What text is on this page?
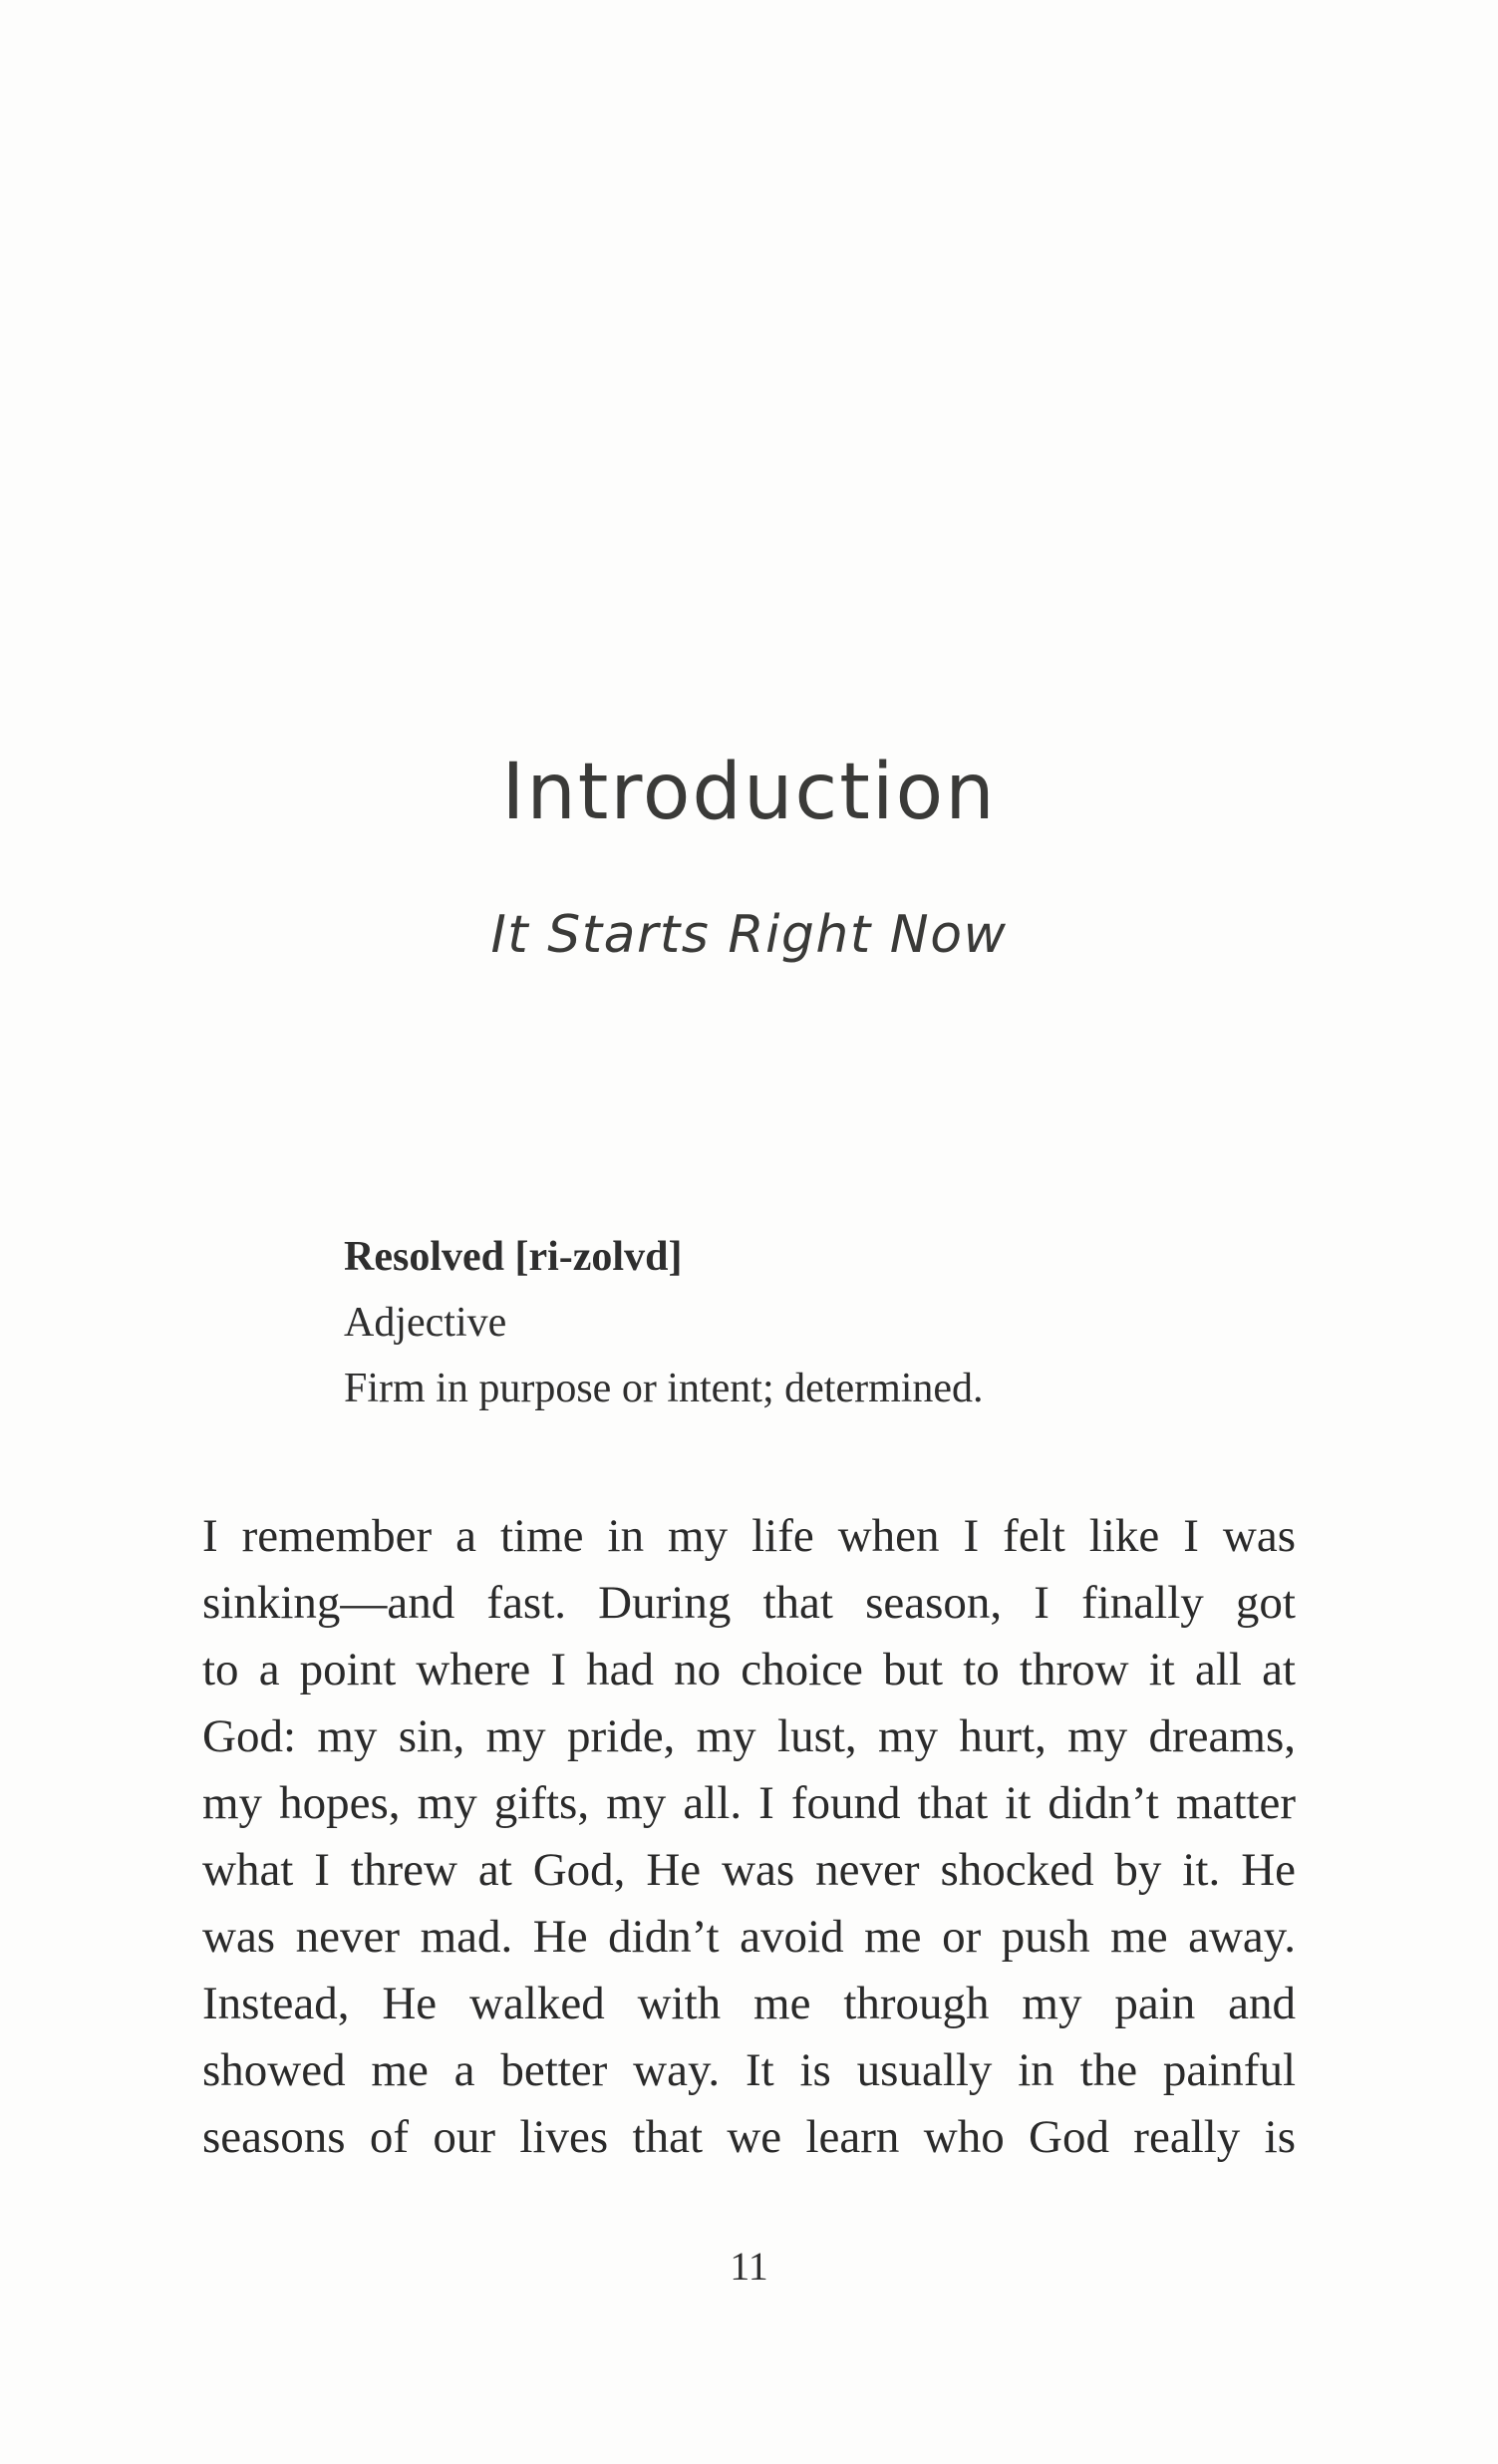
Introduction
It Starts Right Now
Resolved [ri-zolvd]
Adjective
Firm in purpose or intent; determined.
I remember a time in my life when I felt like I was
sinking—and fast. During that season, I finally got
to a point where I had no choice but to throw it all at
God: my sin, my pride, my lust, my hurt, my dreams,
my hopes, my gifts, my all. I found that it didn’t matter
what I threw at God, He was never shocked by it. He
was never mad. He didn’t avoid me or push me away.
Instead, He walked with me through my pain and
showed me a better way. It is usually in the painful
seasons of our lives that we learn who God really is
11
